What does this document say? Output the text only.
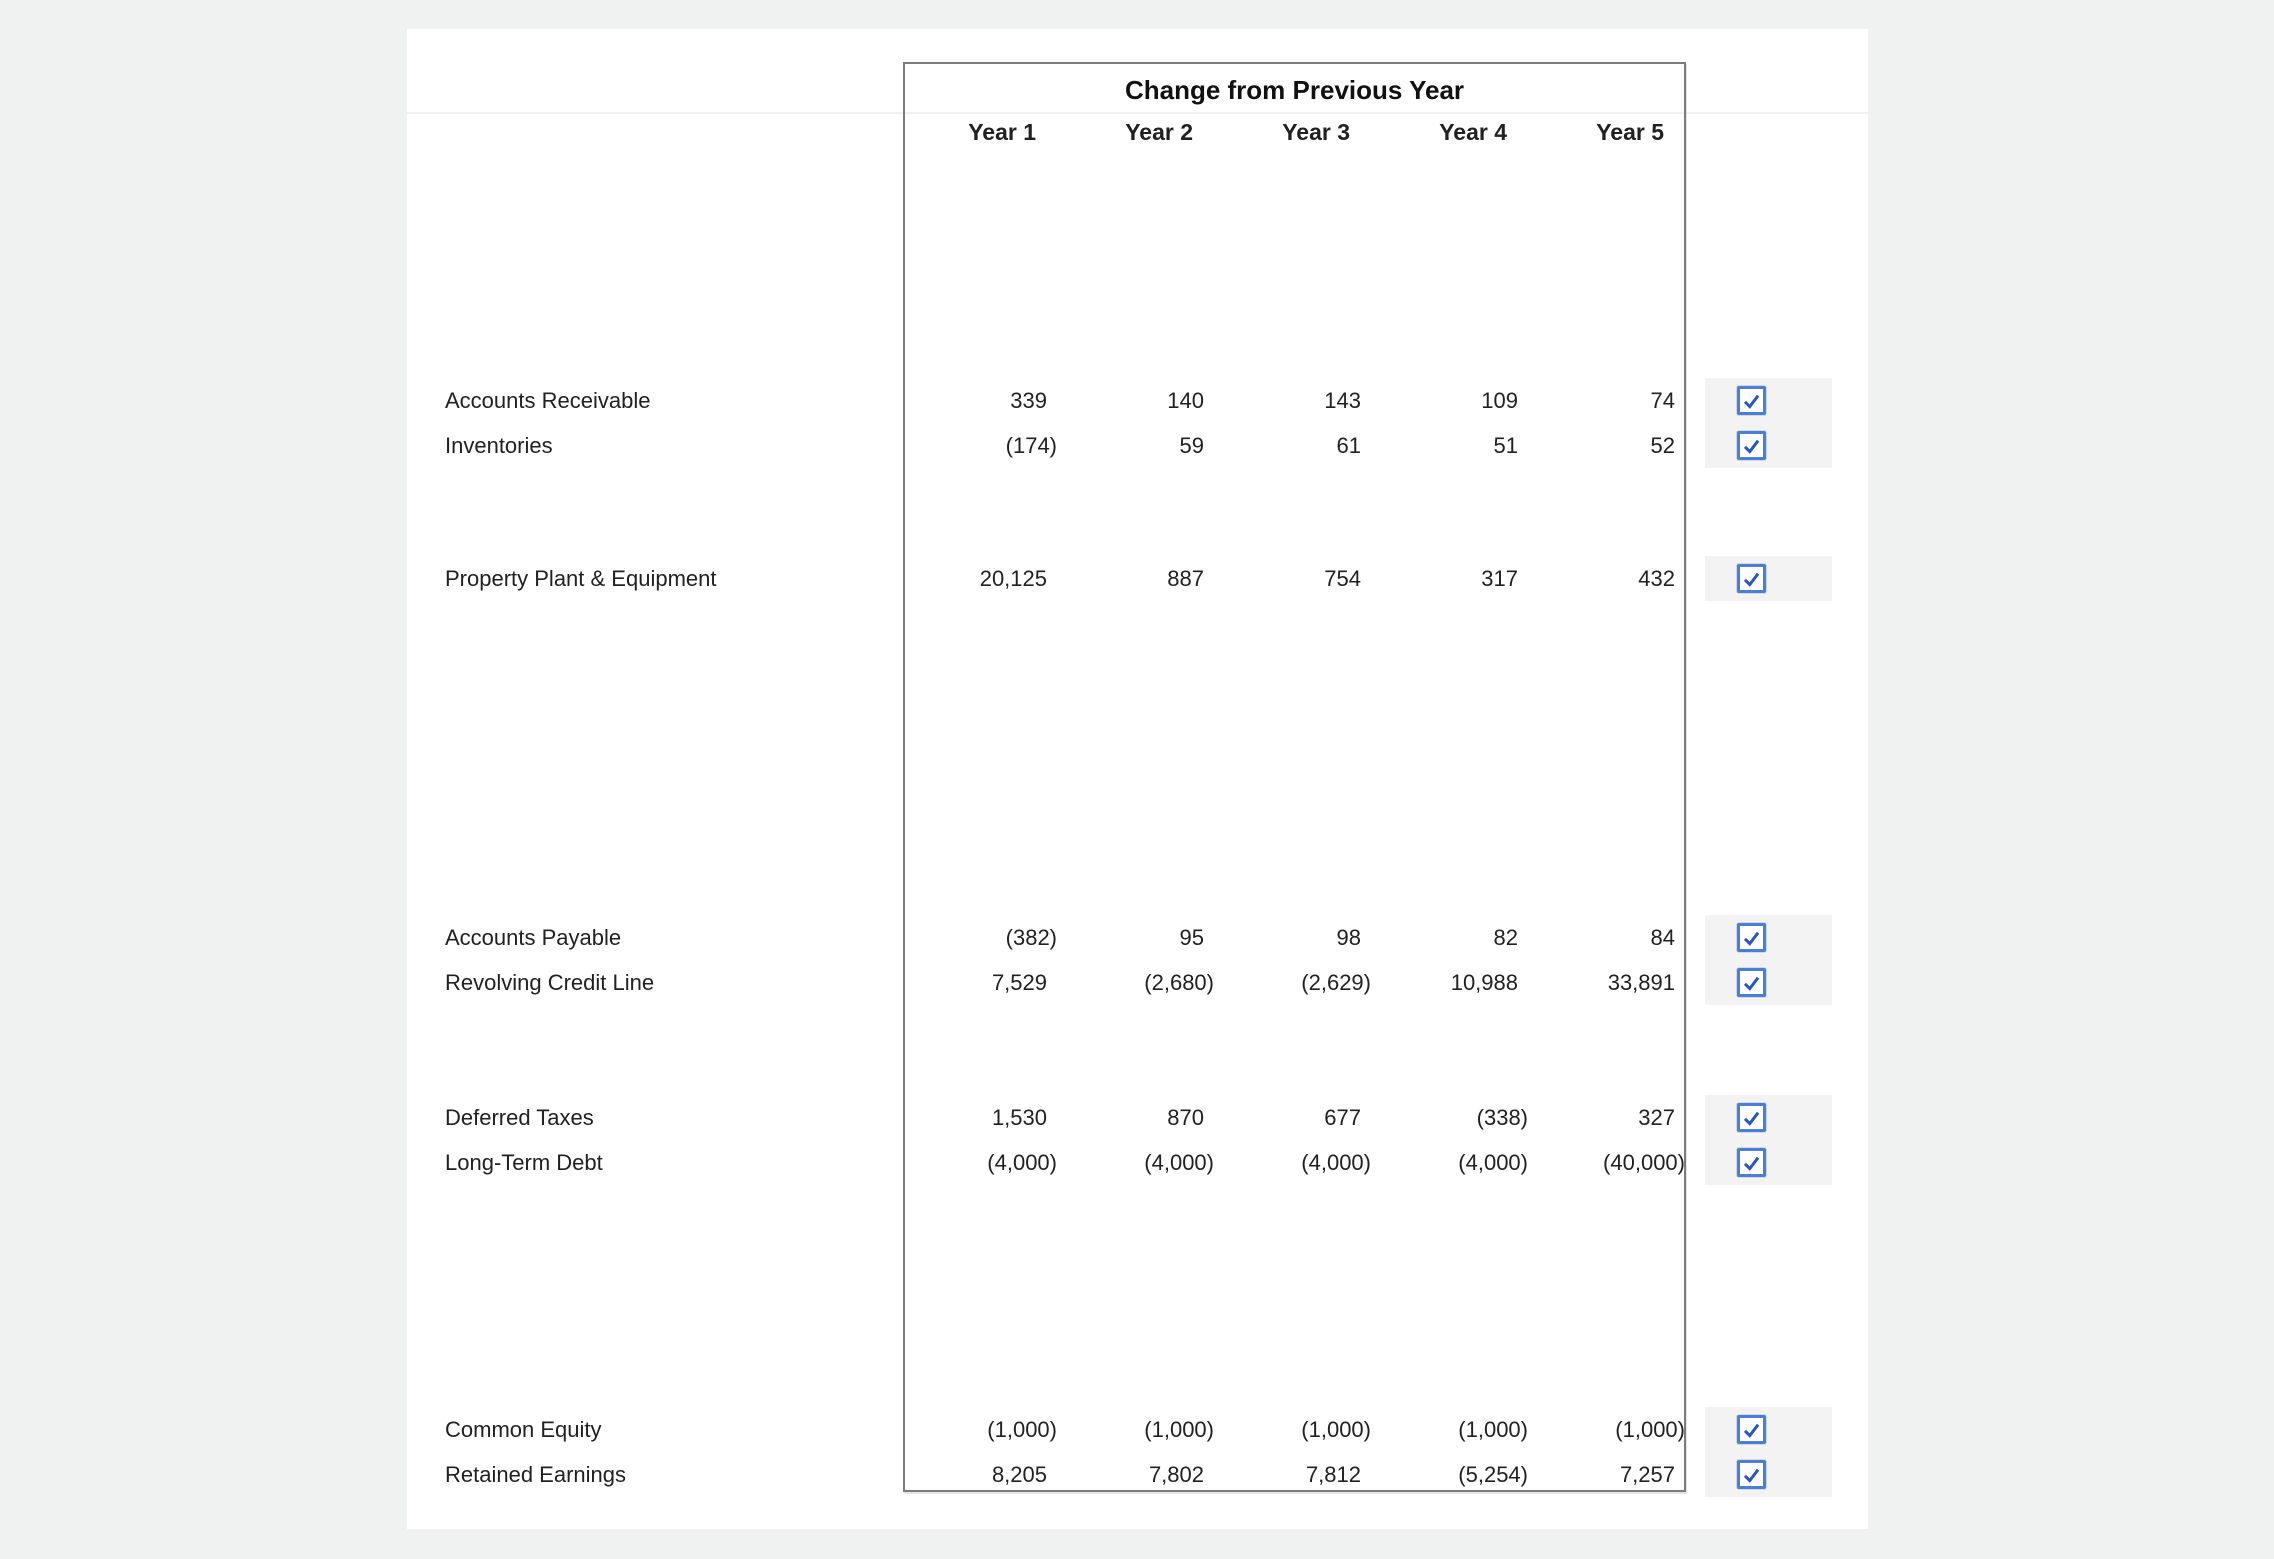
Change from Previous Year
Year 1	Year 2	Year 3	Year 4	Year 5
Accounts Receivable	339	140	143	109	74
Inventories	(174)	59	61	51	52
Property Plant & Equipment	20,125	887	754	317	432
Accounts Payable	(382)	95	98	82	84
Revolving Credit Line	7,529	(2,680)	(2,629)	10,988	33,891
Deferred Taxes	1,530	870	677	(338)	327
Long-Term Debt	(4,000)	(4,000)	(4,000)	(4,000)	(40,000)
Common Equity	(1,000)	(1,000)	(1,000)	(1,000)	(1,000)
Retained Earnings	8,205	7,802	7,812	(5,254)	7,257
